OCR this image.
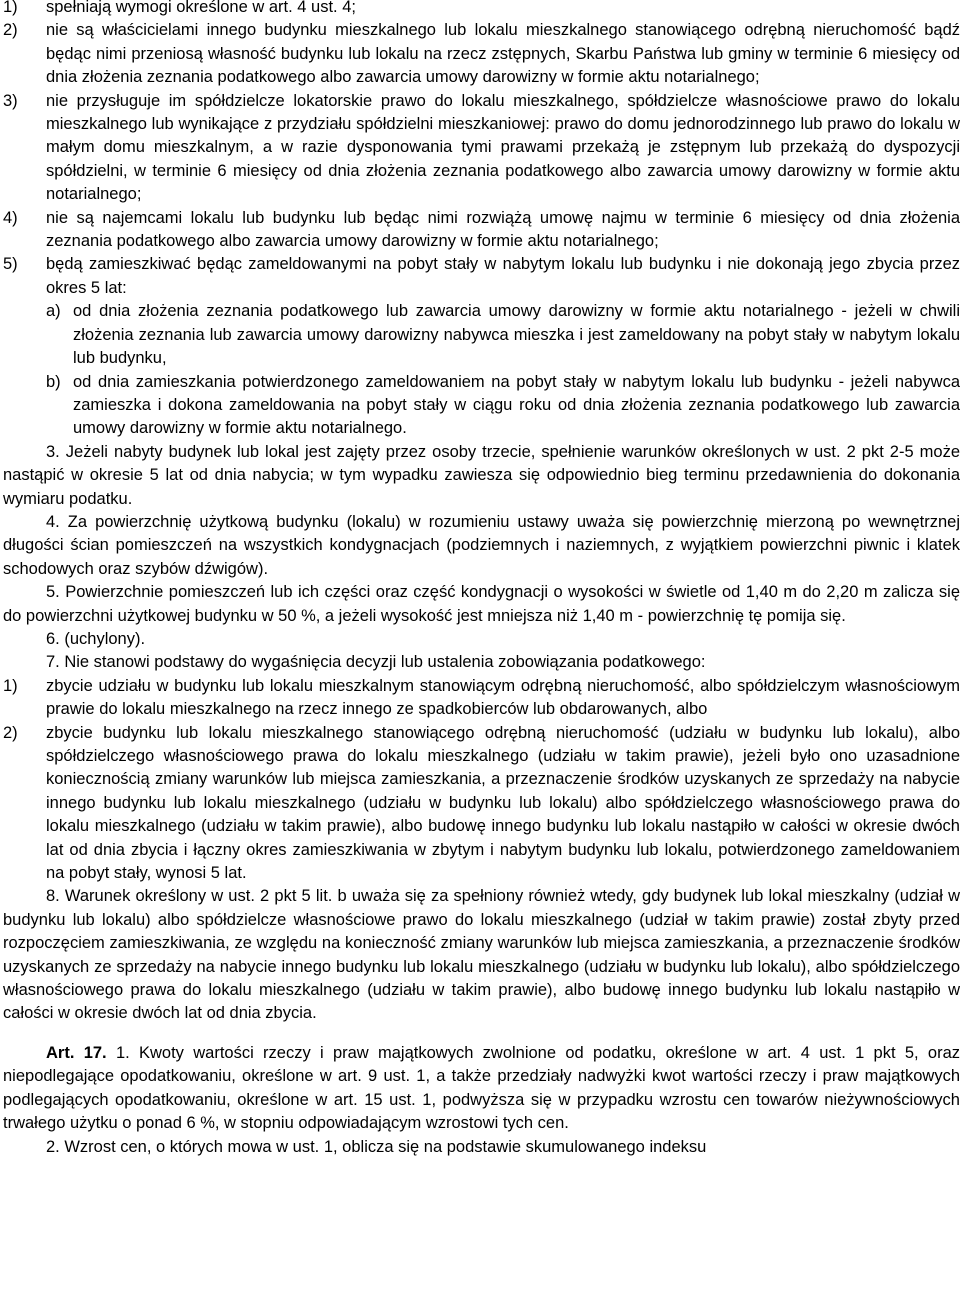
1)	spełniają wymogi określone w art. 4 ust. 4;
2)	nie są właścicielami innego budynku mieszkalnego lub lokalu mieszkalnego stanowiącego odrębną nieruchomość bądź będąc nimi przeniosą własność budynku lub lokalu na rzecz zstępnych, Skarbu Państwa lub gminy w terminie 6 miesięcy od dnia złożenia zeznania podatkowego albo zawarcia umowy darowizny w formie aktu notarialnego;
3)	nie przysługuje im spółdzielcze lokatorskie prawo do lokalu mieszkalnego, spółdzielcze własnościowe prawo do lokalu mieszkalnego lub wynikające z przydziału spółdzielni mieszkaniowej: prawo do domu jednorodzinnego lub prawo do lokalu w małym domu mieszkalnym, a w razie dysponowania tymi prawami przekażą je zstępnym lub przekażą do dyspozycji spółdzielni, w terminie 6 miesięcy od dnia złożenia zeznania podatkowego albo zawarcia umowy darowizny w formie aktu notarialnego;
4)	nie są najemcami lokalu lub budynku lub będąc nimi rozwiążą umowę najmu w terminie 6 miesięcy od dnia złożenia zeznania podatkowego albo zawarcia umowy darowizny w formie aktu notarialnego;
5)	będą zamieszkiwać będąc zameldowanymi na pobyt stały w nabytym lokalu lub budynku i nie dokonają jego zbycia przez okres 5 lat:
a) od dnia złożenia zeznania podatkowego lub zawarcia umowy darowizny w formie aktu notarialnego - jeżeli w chwili złożenia zeznania lub zawarcia umowy darowizny nabywca mieszka i jest zameldowany na pobyt stały w nabytym lokalu lub budynku,
b) od dnia zamieszkania potwierdzonego zameldowaniem na pobyt stały w nabytym lokalu lub budynku - jeżeli nabywca zamieszka i dokona zameldowania na pobyt stały w ciągu roku od dnia złożenia zeznania podatkowego lub zawarcia umowy darowizny w formie aktu notarialnego.

3. Jeżeli nabyty budynek lub lokal jest zajęty przez osoby trzecie, spełnienie warunków określonych w ust. 2 pkt 2-5 może nastąpić w okresie 5 lat od dnia nabycia; w tym wypadku zawiesza się odpowiednio bieg terminu przedawnienia do dokonania wymiaru podatku.

4. Za powierzchnię użytkową budynku (lokalu) w rozumieniu ustawy uważa się powierzchnię mierzoną po wewnętrznej długości ścian pomieszczeń na wszystkich kondygnacjach (podziemnych i naziemnych, z wyjątkiem powierzchni piwnic i klatek schodowych oraz szybów dźwigów).

5. Powierzchnie pomieszczeń lub ich części oraz część kondygnacji o wysokości w świetle od 1,40 m do 2,20 m zalicza się do powierzchni użytkowej budynku w 50 %, a jeżeli wysokość jest mniejsza niż 1,40 m - powierzchnię tę pomija się.

6. (uchylony).

7. Nie stanowi podstawy do wygaśnięcia decyzji lub ustalenia zobowiązania podatkowego:

1)	zbycie udziału w budynku lub lokalu mieszkalnym stanowiącym odrębną nieruchomość, albo spółdzielczym własnościowym prawie do lokalu mieszkalnego na rzecz innego ze spadkobierców lub obdarowanych, albo
2)	zbycie budynku lub lokalu mieszkalnego stanowiącego odrębną nieruchomość (udziału w budynku lub lokalu), albo spółdzielczego własnościowego prawa do lokalu mieszkalnego (udziału w takim prawie), jeżeli było ono uzasadnione koniecznością zmiany warunków lub miejsca zamieszkania, a przeznaczenie środków uzyskanych ze sprzedaży na nabycie innego budynku lub lokalu mieszkalnego (udziału w budynku lub lokalu) albo spółdzielczego własnościowego prawa do lokalu mieszkalnego (udziału w takim prawie), albo budowę innego budynku lub lokalu nastąpiło w całości w okresie dwóch lat od dnia zbycia i łączny okres zamieszkiwania w zbytym i nabytym budynku lub lokalu, potwierdzonego zameldowaniem na pobyt stały, wynosi 5 lat.

8. Warunek określony w ust. 2 pkt 5 lit. b uważa się za spełniony również wtedy, gdy budynek lub lokal mieszkalny (udział w budynku lub lokalu) albo spółdzielcze własnościowe prawo do lokalu mieszkalnego (udział w takim prawie) został zbyty przed rozpoczęciem zamieszkiwania, ze względu na konieczność zmiany warunków lub miejsca zamieszkania, a przeznaczenie środków uzyskanych ze sprzedaży na nabycie innego budynku lub lokalu mieszkalnego (udziału w budynku lub lokalu), albo spółdzielczego własnościowego prawa do lokalu mieszkalnego (udziału w takim prawie), albo budowę innego budynku lub lokalu nastąpiło w całości w okresie dwóch lat od dnia zbycia.

Art. 17. 1. Kwoty wartości rzeczy i praw majątkowych zwolnione od podatku, określone w art. 4 ust. 1 pkt 5, oraz niepodlegające opodatkowaniu, określone w art. 9 ust. 1, a także przedziały nadwyżki kwot wartości rzeczy i praw majątkowych podlegających opodatkowaniu, określone w art. 15 ust. 1, podwyższa się w przypadku wzrostu cen towarów nieżywnościowych trwałego użytku o ponad 6 %, w stopniu odpowiadającym wzrostowi tych cen.

2. Wzrost cen, o których mowa w ust. 1, oblicza się na podstawie skumulowanego indeksu
